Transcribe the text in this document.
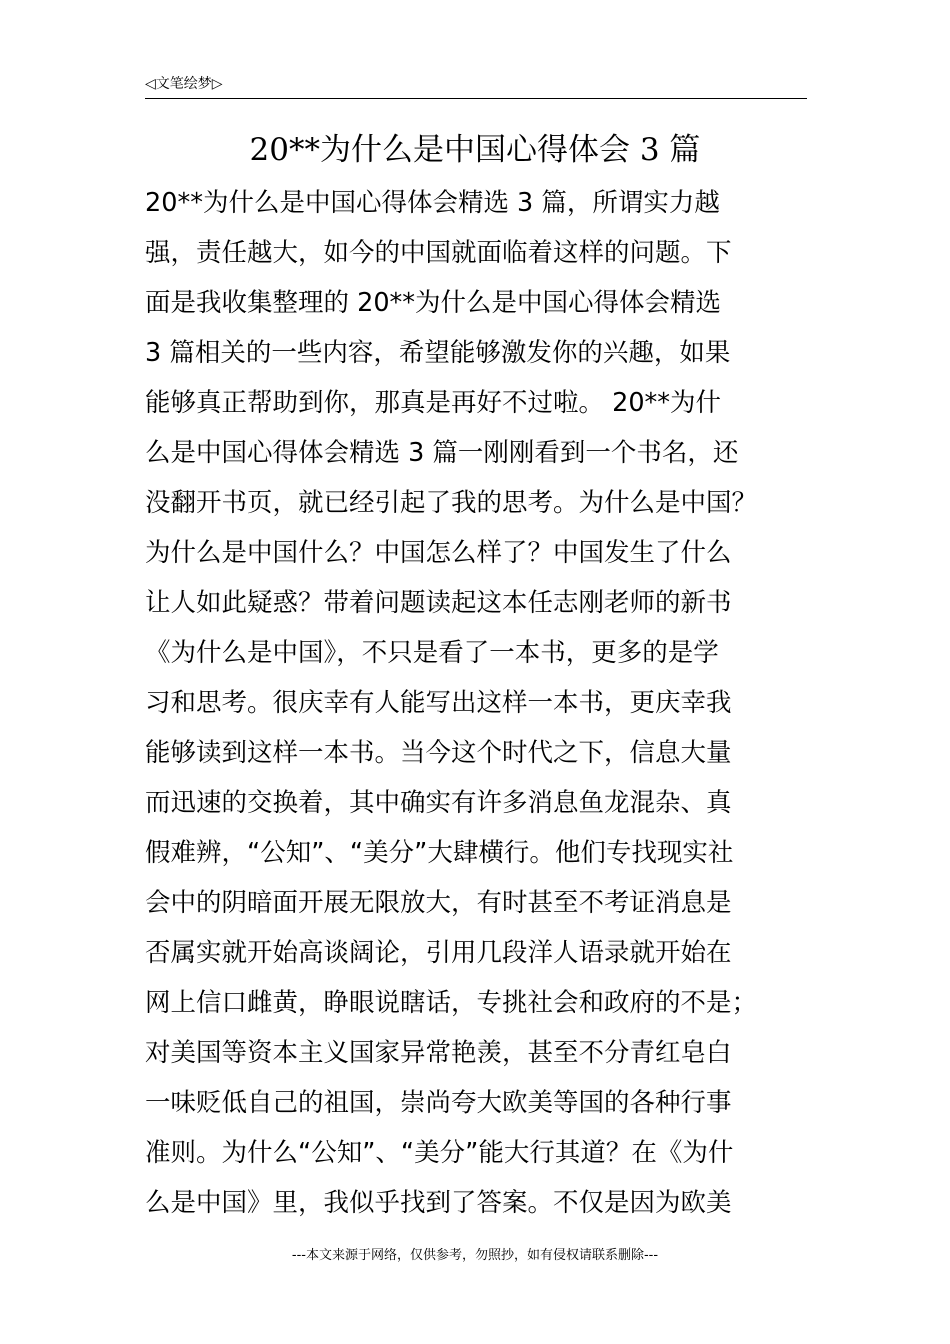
◁文笔绘梦▷
20**为什么是中国心得体会 3 篇
20**为什么是中国心得体会精选 3 篇，所谓实力越
强，责任越大，如今的中国就面临着这样的问题。下
面是我收集整理的 20**为什么是中国心得体会精选
3 篇相关的一些内容，希望能够激发你的兴趣，如果
能够真正帮助到你，那真是再好不过啦。 20**为什
么是中国心得体会精选 3 篇一刚刚看到一个书名，还
没翻开书页，就已经引起了我的思考。为什么是中国？
为什么是中国什么？中国怎么样了？中国发生了什么
让人如此疑惑？带着问题读起这本任志刚老师的新书
《为什么是中国》，不只是看了一本书，更多的是学
习和思考。很庆幸有人能写出这样一本书，更庆幸我
能够读到这样一本书。当今这个时代之下，信息大量
而迅速的交换着，其中确实有许多消息鱼龙混杂、真
假难辨，“公知”、“美分”大肆横行。他们专找现实社
会中的阴暗面开展无限放大，有时甚至不考证消息是
否属实就开始高谈阔论，引用几段洋人语录就开始在
网上信口雌黄，睁眼说瞎话，专挑社会和政府的不是；
对美国等资本主义国家异常艳羡，甚至不分青红皂白
一味贬低自己的祖国，崇尚夸大欧美等国的各种行事
准则。为什么“公知”、“美分”能大行其道？在《为什
么是中国》里，我似乎找到了答案。不仅是因为欧美
---本文来源于网络，仅供参考，勿照抄，如有侵权请联系删除---
